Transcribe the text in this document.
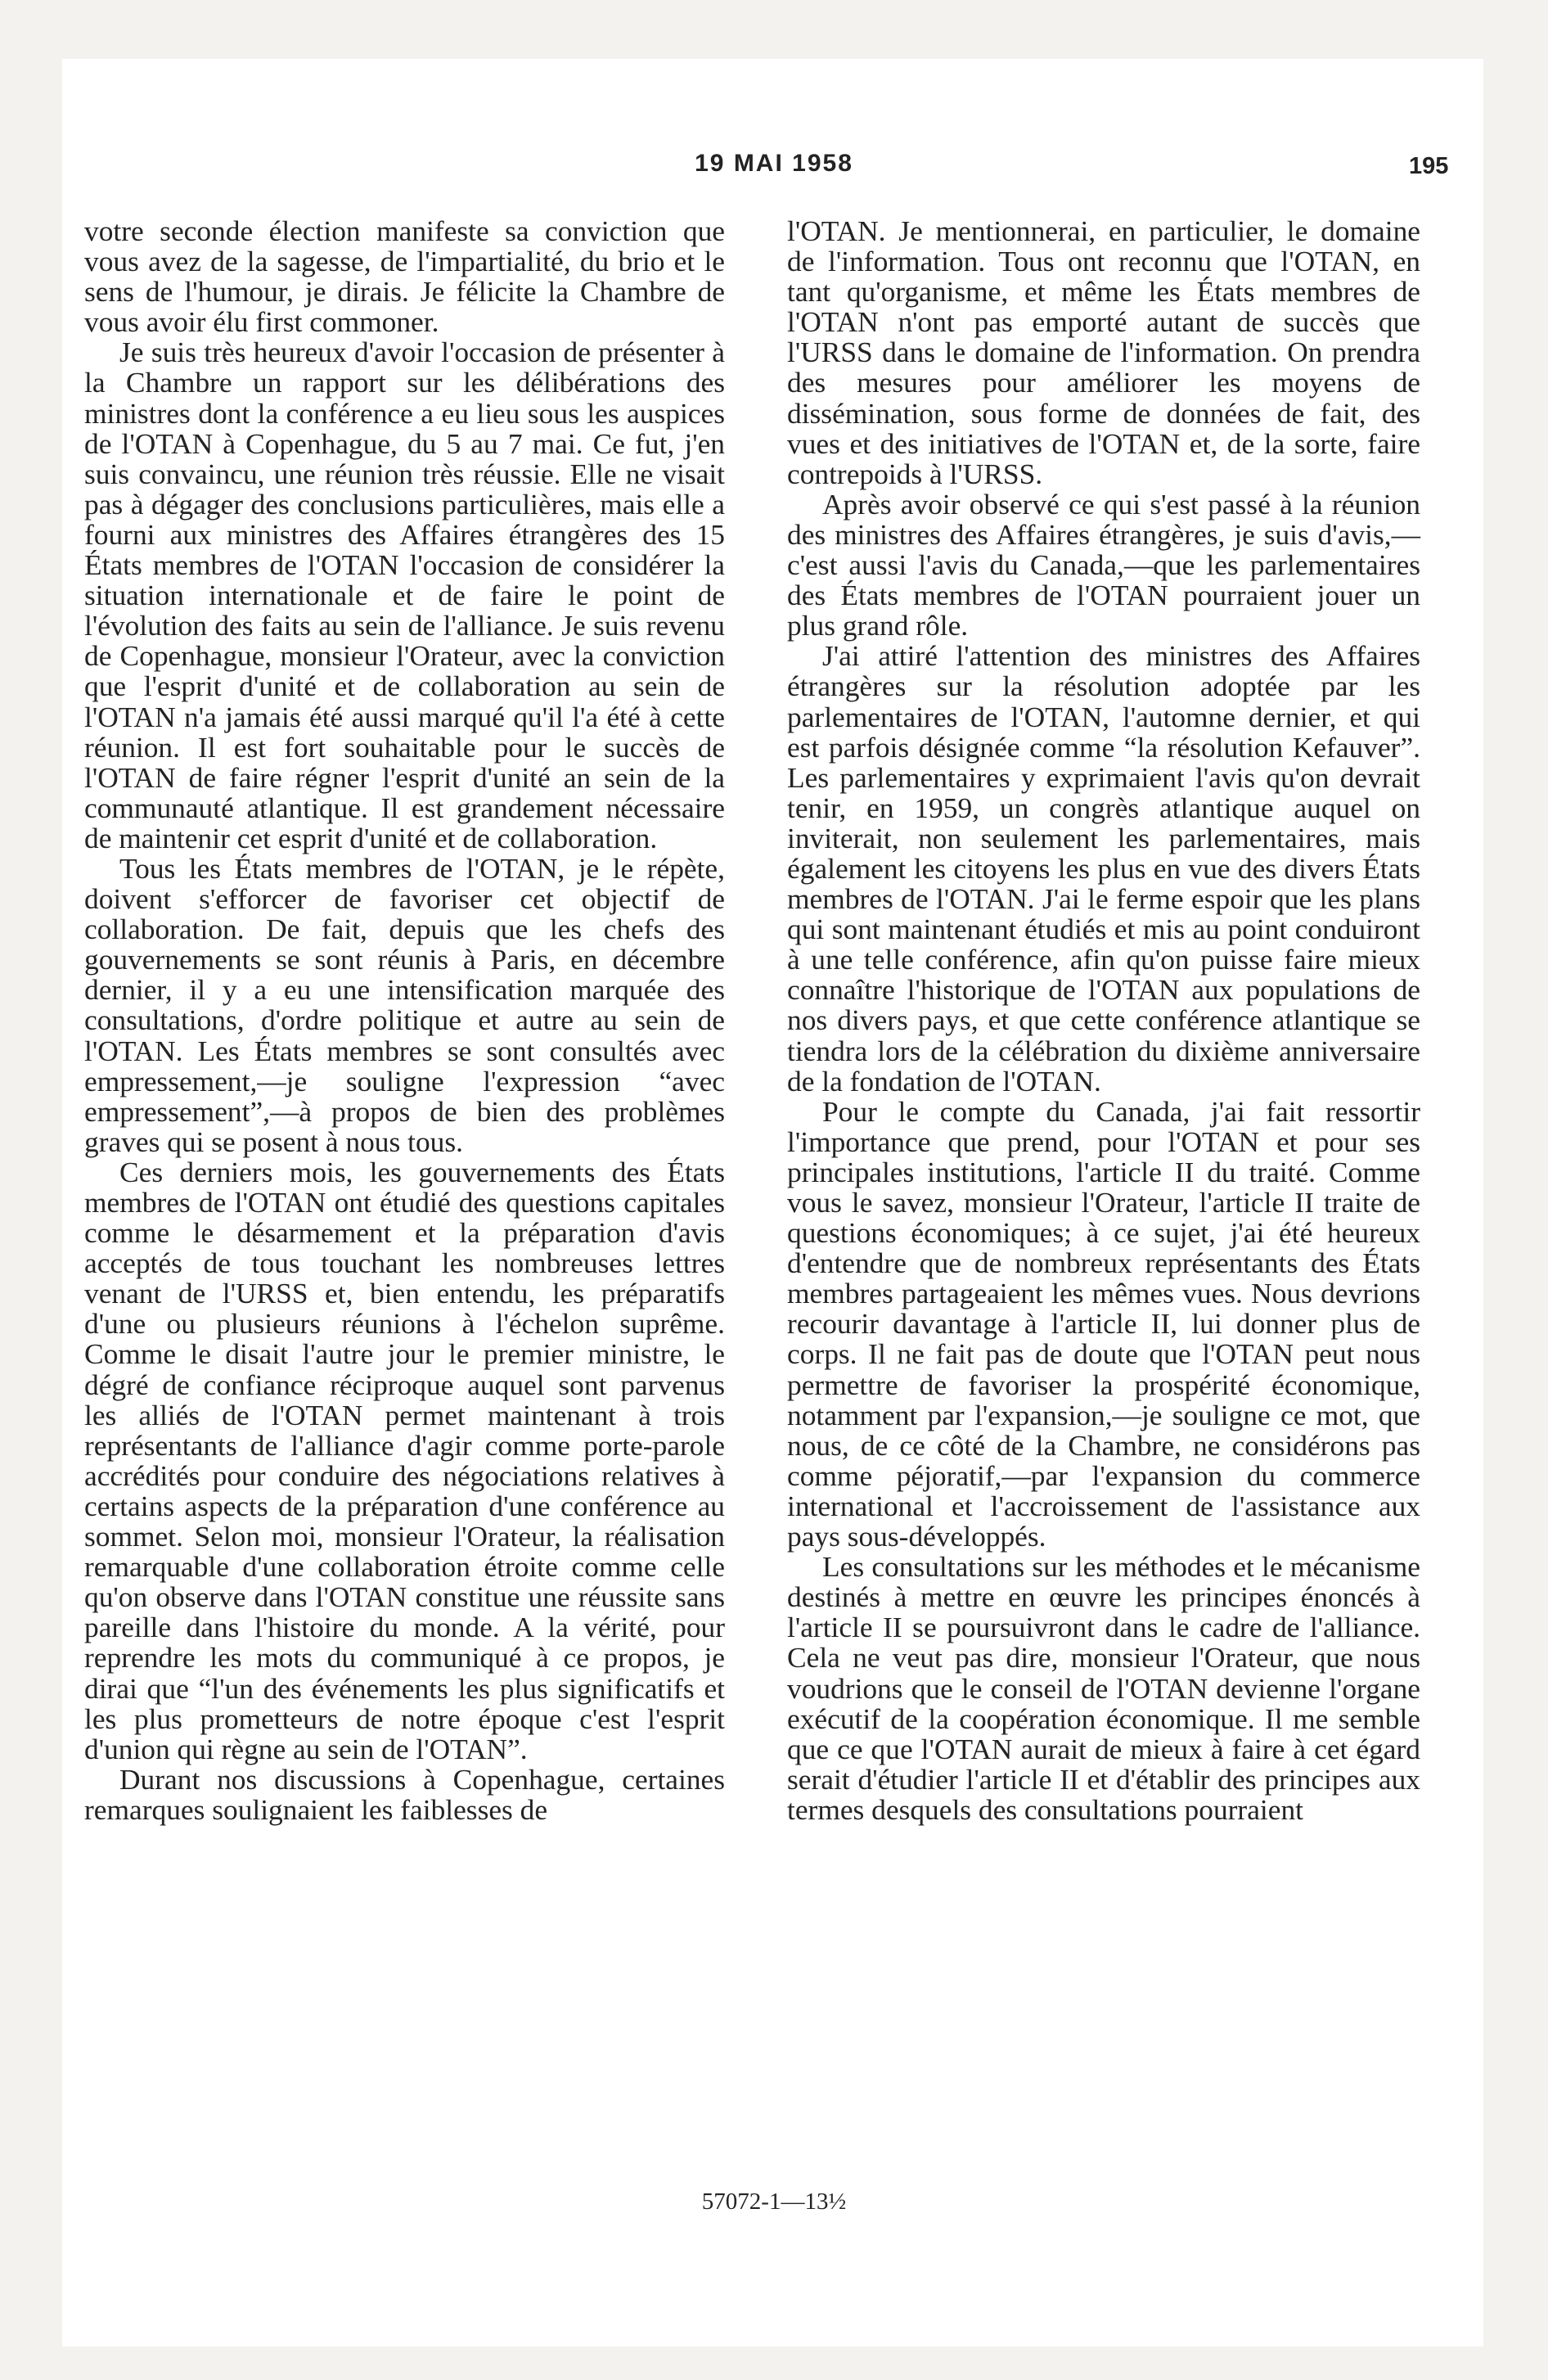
19 MAI 1958	195

votre seconde élection manifeste sa conviction que vous avez de la sagesse, de l'impartialité, du brio et le sens de l'humour, je dirais. Je félicite la Chambre de vous avoir élu first commoner.

Je suis très heureux d'avoir l'occasion de présenter à la Chambre un rapport sur les délibérations des ministres dont la conférence a eu lieu sous les auspices de l'OTAN à Copenhague, du 5 au 7 mai. Ce fut, j'en suis convaincu, une réunion très réussie. Elle ne visait pas à dégager des conclusions particulières, mais elle a fourni aux ministres des Affaires étrangères des 15 États membres de l'OTAN l'occasion de considérer la situation internationale et de faire le point de l'évolution des faits au sein de l'alliance. Je suis revenu de Copenhague, monsieur l'Orateur, avec la conviction que l'esprit d'unité et de collaboration au sein de l'OTAN n'a jamais été aussi marqué qu'il l'a été à cette réunion. Il est fort souhaitable pour le succès de l'OTAN de faire régner l'esprit d'unité an sein de la communauté atlantique. Il est grandement nécessaire de maintenir cet esprit d'unité et de collaboration.

Tous les États membres de l'OTAN, je le répète, doivent s'efforcer de favoriser cet objectif de collaboration. De fait, depuis que les chefs des gouvernements se sont réunis à Paris, en décembre dernier, il y a eu une intensification marquée des consultations, d'ordre politique et autre au sein de l'OTAN. Les États membres se sont consultés avec empressement,—je souligne l'expression “avec empressement”,—à propos de bien des problèmes graves qui se posent à nous tous.

Ces derniers mois, les gouvernements des États membres de l'OTAN ont étudié des questions capitales comme le désarmement et la préparation d'avis acceptés de tous touchant les nombreuses lettres venant de l'URSS et, bien entendu, les préparatifs d'une ou plusieurs réunions à l'échelon suprême. Comme le disait l'autre jour le premier ministre, le dégré de confiance réciproque auquel sont parvenus les alliés de l'OTAN permet maintenant à trois représentants de l'alliance d'agir comme porte-parole accrédités pour conduire des négociations relatives à certains aspects de la préparation d'une conférence au sommet. Selon moi, monsieur l'Orateur, la réalisation remarquable d'une collaboration étroite comme celle qu'on observe dans l'OTAN constitue une réussite sans pareille dans l'histoire du monde. A la vérité, pour reprendre les mots du communiqué à ce propos, je dirai que “l'un des événements les plus significatifs et les plus prometteurs de notre époque c'est l'esprit d'union qui règne au sein de l'OTAN”.

Durant nos discussions à Copenhague, certaines remarques soulignaient les faiblesses de

l'OTAN. Je mentionnerai, en particulier, le domaine de l'information. Tous ont reconnu que l'OTAN, en tant qu'organisme, et même les États membres de l'OTAN n'ont pas emporté autant de succès que l'URSS dans le domaine de l'information. On prendra des mesures pour améliorer les moyens de dissémination, sous forme de données de fait, des vues et des initiatives de l'OTAN et, de la sorte, faire contrepoids à l'URSS.

Après avoir observé ce qui s'est passé à la réunion des ministres des Affaires étrangères, je suis d'avis,—c'est aussi l'avis du Canada,—que les parlementaires des États membres de l'OTAN pourraient jouer un plus grand rôle.

J'ai attiré l'attention des ministres des Affaires étrangères sur la résolution adoptée par les parlementaires de l'OTAN, l'automne dernier, et qui est parfois désignée comme “la résolution Kefauver”. Les parlementaires y exprimaient l'avis qu'on devrait tenir, en 1959, un congrès atlantique auquel on inviterait, non seulement les parlementaires, mais également les citoyens les plus en vue des divers États membres de l'OTAN. J'ai le ferme espoir que les plans qui sont maintenant étudiés et mis au point conduiront à une telle conférence, afin qu'on puisse faire mieux connaître l'historique de l'OTAN aux populations de nos divers pays, et que cette conférence atlantique se tiendra lors de la célébration du dixième anniversaire de la fondation de l'OTAN.

Pour le compte du Canada, j'ai fait ressortir l'importance que prend, pour l'OTAN et pour ses principales institutions, l'article II du traité. Comme vous le savez, monsieur l'Orateur, l'article II traite de questions économiques; à ce sujet, j'ai été heureux d'entendre que de nombreux représentants des États membres partageaient les mêmes vues. Nous devrions recourir davantage à l'article II, lui donner plus de corps. Il ne fait pas de doute que l'OTAN peut nous permettre de favoriser la prospérité économique, notamment par l'expansion,—je souligne ce mot, que nous, de ce côté de la Chambre, ne considérons pas comme péjoratif,—par l'expansion du commerce international et l'accroissement de l'assistance aux pays sous-développés.

Les consultations sur les méthodes et le mécanisme destinés à mettre en œuvre les principes énoncés à l'article II se poursuivront dans le cadre de l'alliance. Cela ne veut pas dire, monsieur l'Orateur, que nous voudrions que le conseil de l'OTAN devienne l'organe exécutif de la coopération économique. Il me semble que ce que l'OTAN aurait de mieux à faire à cet égard serait d'étudier l'article II et d'établir des principes aux termes desquels des consultations pourraient

57072-1—13½
